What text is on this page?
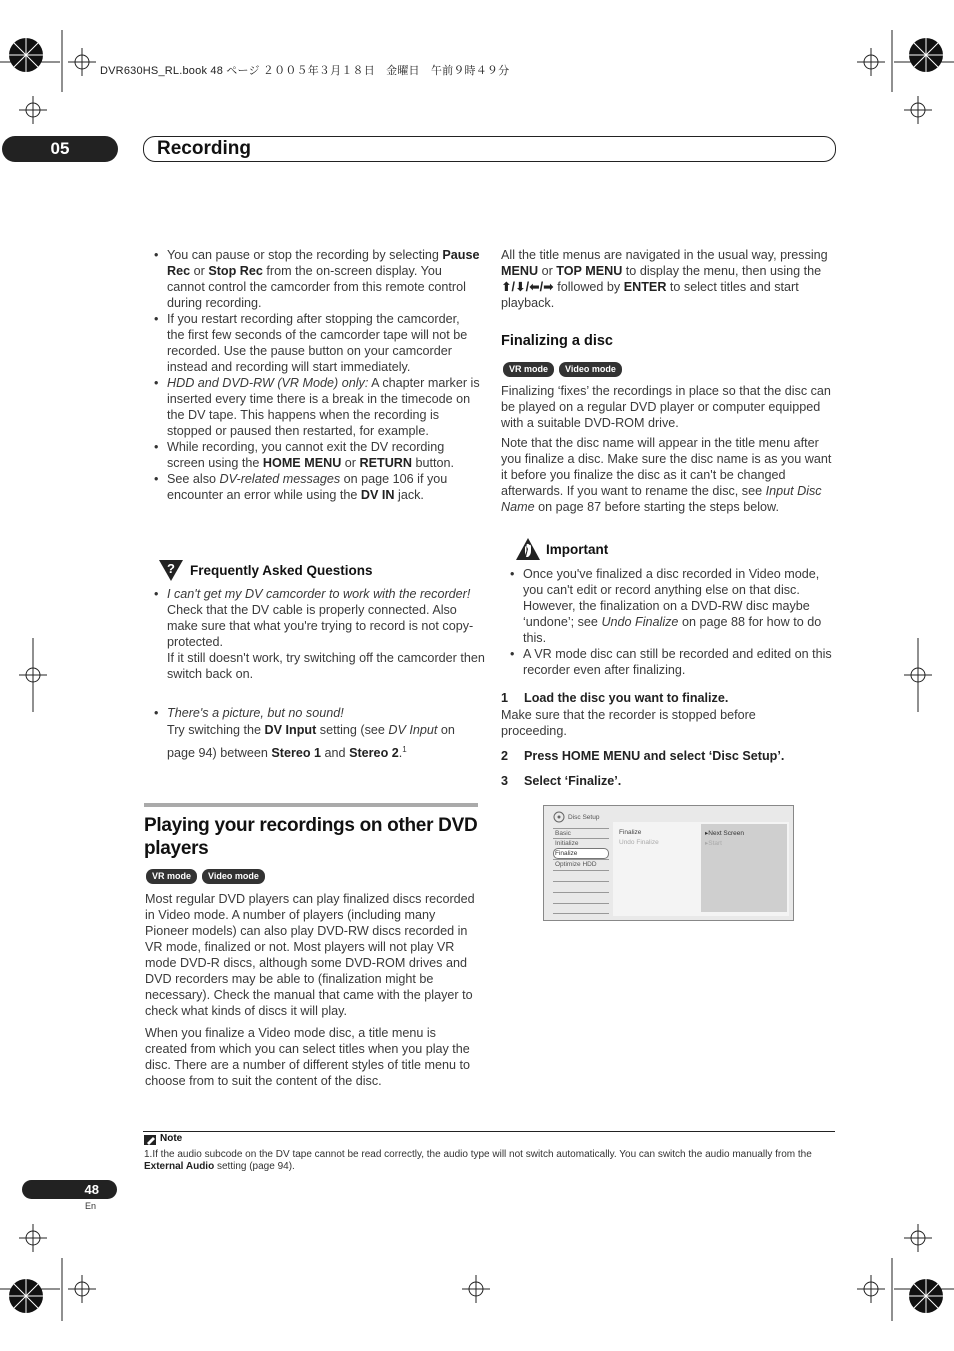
DVR630HS_RL.book 48 ページ ２００５年３月１８日　金曜日　午前９時４９分
05	Recording

• You can pause or stop the recording by selecting Pause Rec or Stop Rec from the on-screen display. You cannot control the camcorder from this remote control during recording.

• If you restart recording after stopping the camcorder, the first few seconds of the camcorder tape will not be recorded. Use the pause button on your camcorder instead and recording will start immediately.

• HDD and DVD-RW (VR Mode) only: A chapter marker is inserted every time there is a break in the timecode on the DV tape. This happens when the recording is stopped or paused then restarted, for example.

• While recording, you cannot exit the DV recording screen using the HOME MENU or RETURN button.

• See also DV-related messages on page 106 if you encounter an error while using the DV IN jack.

? Frequently Asked Questions

• I can't get my DV camcorder to work with the recorder!

Check that the DV cable is properly connected. Also make sure that what you're trying to record is not copy-protected.

If it still doesn't work, try switching off the camcorder then switch back on.

• There's a picture, but no sound!

Try switching the DV Input setting (see DV Input on page 94) between Stereo 1 and Stereo 2.$^1$

Playing your recordings on other DVD players
VR mode Video mode

Most regular DVD players can play finalized discs recorded in Video mode. A number of players (including many Pioneer models) can also play DVD-RW discs recorded in VR mode, finalized or not. Most players will not play VR mode DVD-R discs, although some DVD-ROM drives and DVD recorders may be able to (finalization might be necessary). Check the manual that came with the player to check what kinds of discs it will play.

When you finalize a Video mode disc, a title menu is created from which you can select titles when you play the disc. There are a number of different styles of title menu to choose from to suit the content of the disc.

All the title menus are navigated in the usual way, pressing MENU or TOP MENU to display the menu, then using the ⬆/⬇/⬅/➡ followed by ENTER to select titles and start playback.

Finalizing a disc
VR mode Video mode

Finalizing ‘fixes’ the recordings in place so that the disc can be played on a regular DVD player or computer equipped with a suitable DVD-ROM drive.

Note that the disc name will appear in the title menu after you finalize a disc. Make sure the disc name is as you want it before you finalize the disc as it can't be changed afterwards. If you want to rename the disc, see Input Disc Name on page 87 before starting the steps below.

Important

• Once you've finalized a disc recorded in Video mode, you can't edit or record anything else on that disc. However, the finalization on a DVD-RW disc maybe ‘undone’; see Undo Finalize on page 88 for how to do this.

• A VR mode disc can still be recorded and edited on this recorder even after finalizing.

1 Load the disc you want to finalize.
Make sure that the recorder is stopped before proceeding.
2 Press HOME MENU and select ‘Disc Setup’.
3 Select ‘Finalize’.
Disc Setup
Basic
Initialize
Finalize
Optimize HDD
Finalize
Undo Finalize
▸Next Screen
▸Start
Note
1.If the audio subcode on the DV tape cannot be read correctly, the audio type will not switch automatically. You can switch the audio manually from the External Audio setting (page 94).
48
En
